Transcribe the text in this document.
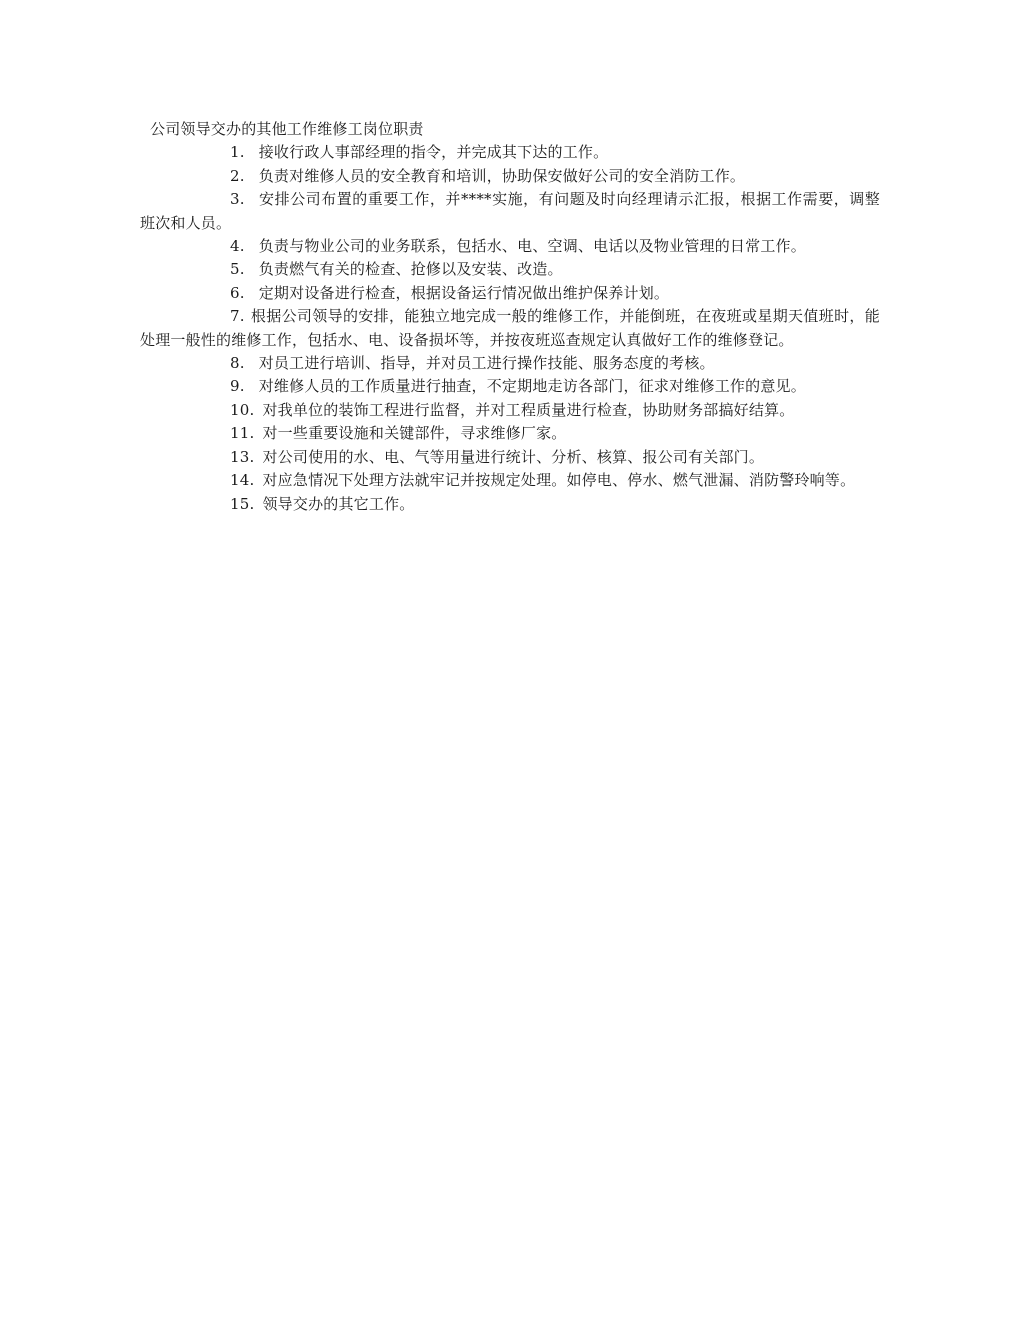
公司领导交办的其他工作维修工岗位职责
1. 接收行政人事部经理的指令，并完成其下达的工作。
2. 负责对维修人员的安全教育和培训，协助保安做好公司的安全消防工作。
3. 安排公司布置的重要工作，并****实施，有问题及时向经理请示汇报，根据工作需要，调整班次和人员。
4. 负责与物业公司的业务联系，包括水、电、空调、电话以及物业管理的日常工作。
5. 负责燃气有关的检查、抢修以及安装、改造。
6. 定期对设备进行检查，根据设备运行情况做出维护保养计划。
7. 根据公司领导的安排，能独立地完成一般的维修工作，并能倒班，在夜班或星期天值班时，能处理一般性的维修工作，包括水、电、设备损坏等，并按夜班巡查规定认真做好工作的维修登记。
8. 对员工进行培训、指导，并对员工进行操作技能、服务态度的考核。
9. 对维修人员的工作质量进行抽查，不定期地走访各部门，征求对维修工作的意见。
10. 对我单位的装饰工程进行监督，并对工程质量进行检查，协助财务部搞好结算。
11. 对一些重要设施和关键部件，寻求维修厂家。
13. 对公司使用的水、电、气等用量进行统计、分析、核算、报公司有关部门。
14. 对应急情况下处理方法就牢记并按规定处理。如停电、停水、燃气泄漏、消防警玲响等。
15. 领导交办的其它工作。
